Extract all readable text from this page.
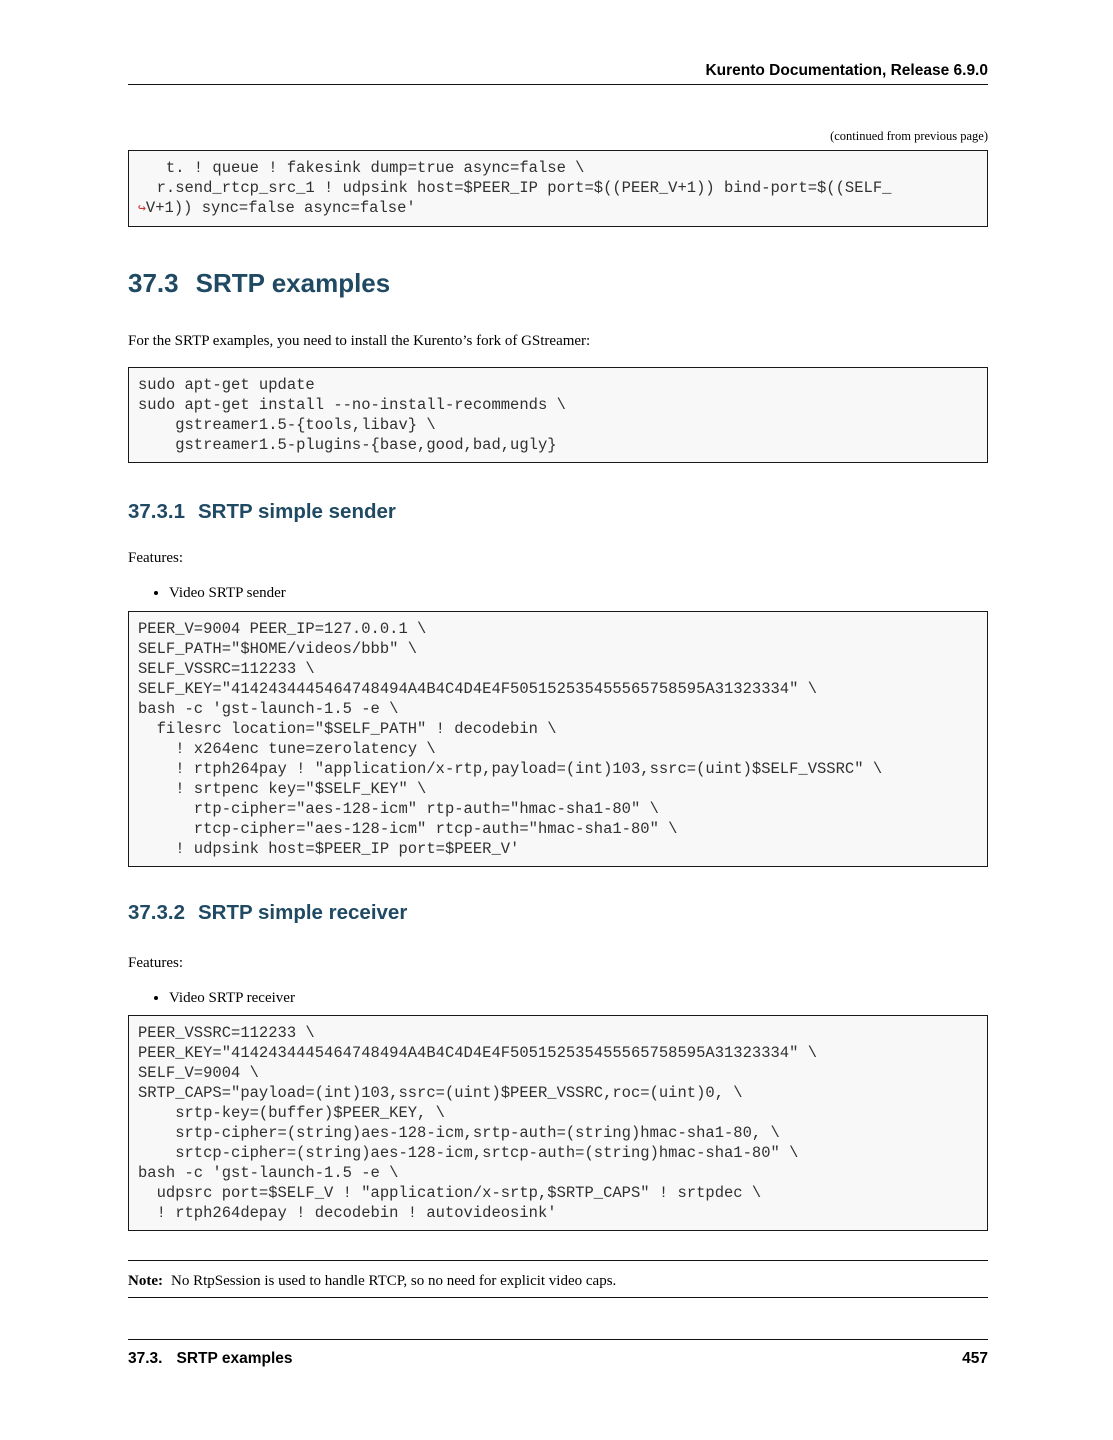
Kurento Documentation, Release 6.9.0
(continued from previous page)
t. ! queue ! fakesink dump=true async=false \
r.send_rtcp_src_1 ! udpsink host=$PEER_IP port=$((PEER_V+1)) bind-port=$((SELF_
↪V+1)) sync=false async=false'
37.3 SRTP examples

For the SRTP examples, you need to install the Kurento’s fork of GStreamer:

sudo apt-get update
sudo apt-get install --no-install-recommends \
gstreamer1.5-{tools,libav} \
gstreamer1.5-plugins-{base,good,bad,ugly}
37.3.1 SRTP simple sender
Features:
• Video SRTP sender
PEER_V=9004 PEER_IP=127.0.0.1 \
SELF_PATH="$HOME/videos/bbb" \
SELF_VSSRC=112233 \
SELF_KEY="4142434445464748494A4B4C4D4E4F505152535455565758595A31323334" \
bash -c 'gst-launch-1.5 -e \
filesrc location="$SELF_PATH" ! decodebin \
! x264enc tune=zerolatency \
! rtph264pay ! "application/x-rtp,payload=(int)103,ssrc=(uint)$SELF_VSSRC" \
! srtpenc key="$SELF_KEY" \
rtp-cipher="aes-128-icm" rtp-auth="hmac-sha1-80" \
rtcp-cipher="aes-128-icm" rtcp-auth="hmac-sha1-80" \
! udpsink host=$PEER_IP port=$PEER_V'
37.3.2 SRTP simple receiver
Features:
• Video SRTP receiver
PEER_VSSRC=112233 \
PEER_KEY="4142434445464748494A4B4C4D4E4F505152535455565758595A31323334" \
SELF_V=9004 \
SRTP_CAPS="payload=(int)103,ssrc=(uint)$PEER_VSSRC,roc=(uint)0, \
srtp-key=(buffer)$PEER_KEY, \
srtp-cipher=(string)aes-128-icm,srtp-auth=(string)hmac-sha1-80, \
srtcp-cipher=(string)aes-128-icm,srtcp-auth=(string)hmac-sha1-80" \
bash -c 'gst-launch-1.5 -e \
udpsrc port=$SELF_V ! "application/x-srtp,$SRTP_CAPS" ! srtpdec \
! rtph264depay ! decodebin ! autovideosink'
Note: No RtpSession is used to handle RTCP, so no need for explicit video caps.
37.3. SRTP examples	457
